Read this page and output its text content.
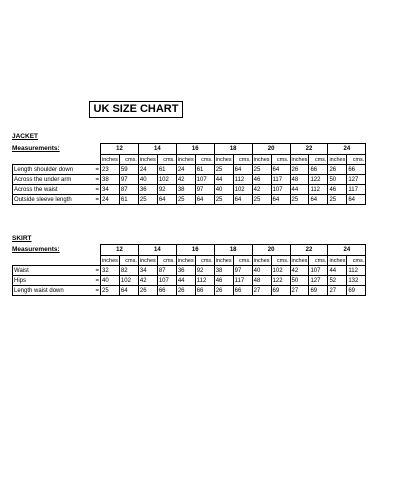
UK SIZE CHART
JACKET
Measurements:
		12		14		16		18		20		22		24	
	inches	cms.	inches	cms.	inches	cms.	inches	cms.	inches	cms.	inches	cms.	inches	cms.
Length shoulder down =	23	59	24	61	24	61	25	64	25	64	26	66	26	66
Across the under arm =	38	97	40	102	42	107	44	112	46	117	48	122	50	127
Across the waist =	34	87	36	92	38	97	40	102	42	107	44	112	46	117
Outside sleeve length =	24	61	25	64	25	64	25	64	25	64	25	64	25	64
SKIRT
Measurements:
		12		14		16		18		20		22		24	
	inches	cms.	inches	cms.	inches	cms.	inches	cms.	inches	cms.	inches	cms.	inches	cms.
Waist =	32	82	34	87	36	92	38	97	40	102	42	107	44	112
Hips =	40	102	42	107	44	112	46	117	48	122	50	127	52	132
Length waist down =	25	64	26	66	26	66	26	66	27	69	27	69	27	69
